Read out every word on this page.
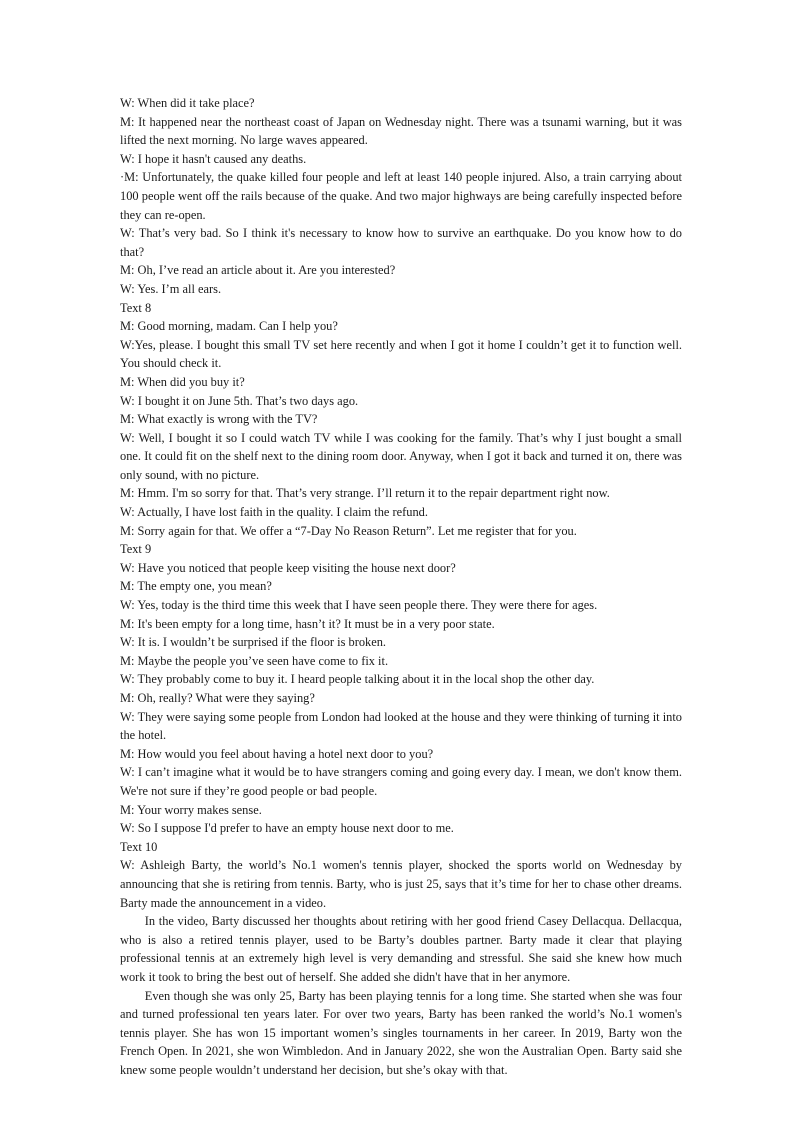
W: When did it take place?

M: It happened near the northeast coast of Japan on Wednesday night. There was a tsunami warning, but it was lifted the next morning. No large waves appeared.

W: I hope it hasn't caused any deaths.

·M: Unfortunately, the quake killed four people and left at least 140 people injured. Also, a train carrying about 100 people went off the rails because of the quake. And two major highways are being carefully inspected before they can re-open.

W: That’s very bad. So I think it's necessary to know how to survive an earthquake. Do you know how to do that?

M: Oh, I’ve read an article about it. Are you interested?

W: Yes. I’m all ears.

Text 8

M: Good morning, madam. Can I help you?

W:Yes, please. I bought this small TV set here recently and when I got it home I couldn’t get it to function well. You should check it.

M: When did you buy it?

W: I bought it on June 5th. That’s two days ago.

M: What exactly is wrong with the TV?

W: Well, I bought it so I could watch TV while I was cooking for the family. That’s why I just bought a small one. It could fit on the shelf next to the dining room door. Anyway, when I got it back and turned it on, there was only sound, with no picture.

M: Hmm. I'm so sorry for that. That’s very strange. I’ll return it to the repair department right now.

W: Actually, I have lost faith in the quality. I claim the refund.

M: Sorry again for that. We offer a “7-Day No Reason Return”. Let me register that for you.

Text 9

W: Have you noticed that people keep visiting the house next door?

M: The empty one, you mean?

W: Yes, today is the third time this week that I have seen people there. They were there for ages.

M: It's been empty for a long time, hasn’t it? It must be in a very poor state.

W: It is. I wouldn’t be surprised if the floor is broken.

M: Maybe the people you’ve seen have come to fix it.

W: They probably come to buy it. I heard people talking about it in the local shop the other day.

M: Oh, really? What were they saying?

W: They were saying some people from London had looked at the house and they were thinking of turning it into the hotel.

M: How would you feel about having a hotel next door to you?

W: I can’t imagine what it would be to have strangers coming and going every day. I mean, we don't know them. We're not sure if they’re good people or bad people.

M: Your worry makes sense.

W: So I suppose I'd prefer to have an empty house next door to me.

Text 10

W: Ashleigh Barty, the world’s No.1 women's tennis player, shocked the sports world on Wednesday by announcing that she is retiring from tennis. Barty, who is just 25, says that it’s time for her to chase other dreams. Barty made the announcement in a video.

In the video, Barty discussed her thoughts about retiring with her good friend Casey Dellacqua. Dellacqua, who is also a retired tennis player, used to be Barty’s doubles partner. Barty made it clear that playing professional tennis at an extremely high level is very demanding and stressful. She said she knew how much work it took to bring the best out of herself. She added she didn't have that in her anymore.

Even though she was only 25, Barty has been playing tennis for a long time. She started when she was four and turned professional ten years later. For over two years, Barty has been ranked the world’s No.1 women's tennis player. She has won 15 important women’s singles tournaments in her career. In 2019, Barty won the French Open. In 2021, she won Wimbledon. And in January 2022, she won the Australian Open. Barty said she knew some people wouldn’t understand her decision, but she’s okay with that.
